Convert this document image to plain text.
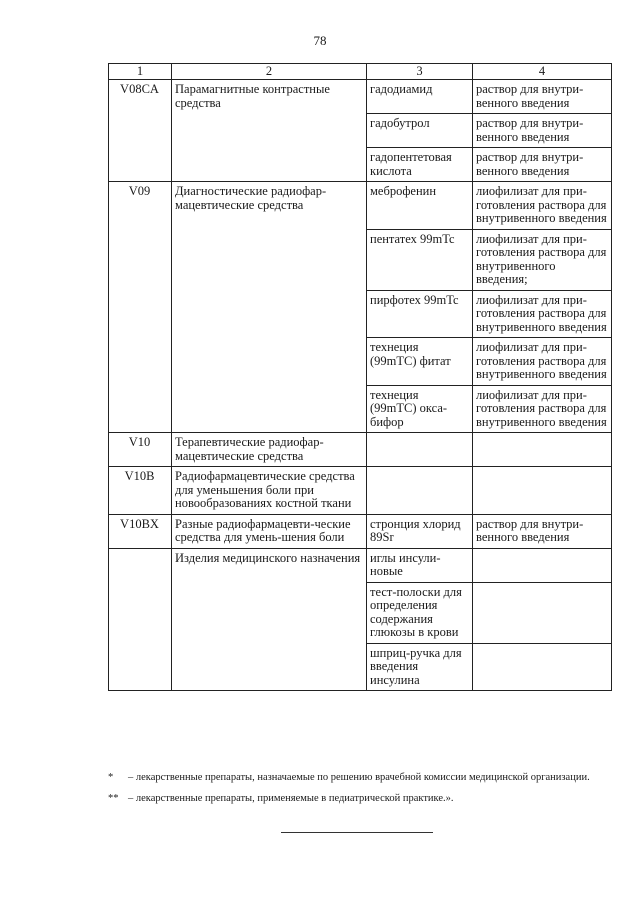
78
1	2	3	4
V08CA	Парамагнитные контрастные средства	гадодиамид	раствор для внутри-венного введения
		гадобутрол	раствор для внутри-венного введения
		гадопентетовая кислота	раствор для внутри-венного введения
V09	Диагностические радиофар-мацевтические средства	меброфенин	лиофилизат для при-готовления раствора для внутривенного введения
		пентатех 99mTc	лиофилизат для при-готовления раствора для внутривенного введения;
		пирфотех 99mTc	лиофилизат для при-готовления раствора для внутривенного введения
		технеция (99mTC) фитат	лиофилизат для при-готовления раствора для внутривенного введения
		технеция (99mTC) окса-бифор	лиофилизат для при-готовления раствора для внутривенного введения
V10	Терапевтические радиофар-мацевтические средства		
V10B	Радиофармацевтические средства для уменьшения боли при новообразованиях костной ткани		
V10BX	Разные радиофармацевти-ческие средства для умень-шения боли	стронция хлорид 89Sr	раствор для внутри-венного введения
	Изделия медицинского назначения	иглы инсули-новые	
		тест-полоски для определения содержания глюкозы в крови	
		шприц-ручка для введения инсулина	
* – лекарственные препараты, назначаемые по решению врачебной комиссии медицинской организации.
** – лекарственные препараты, применяемые в педиатрической практике.».
